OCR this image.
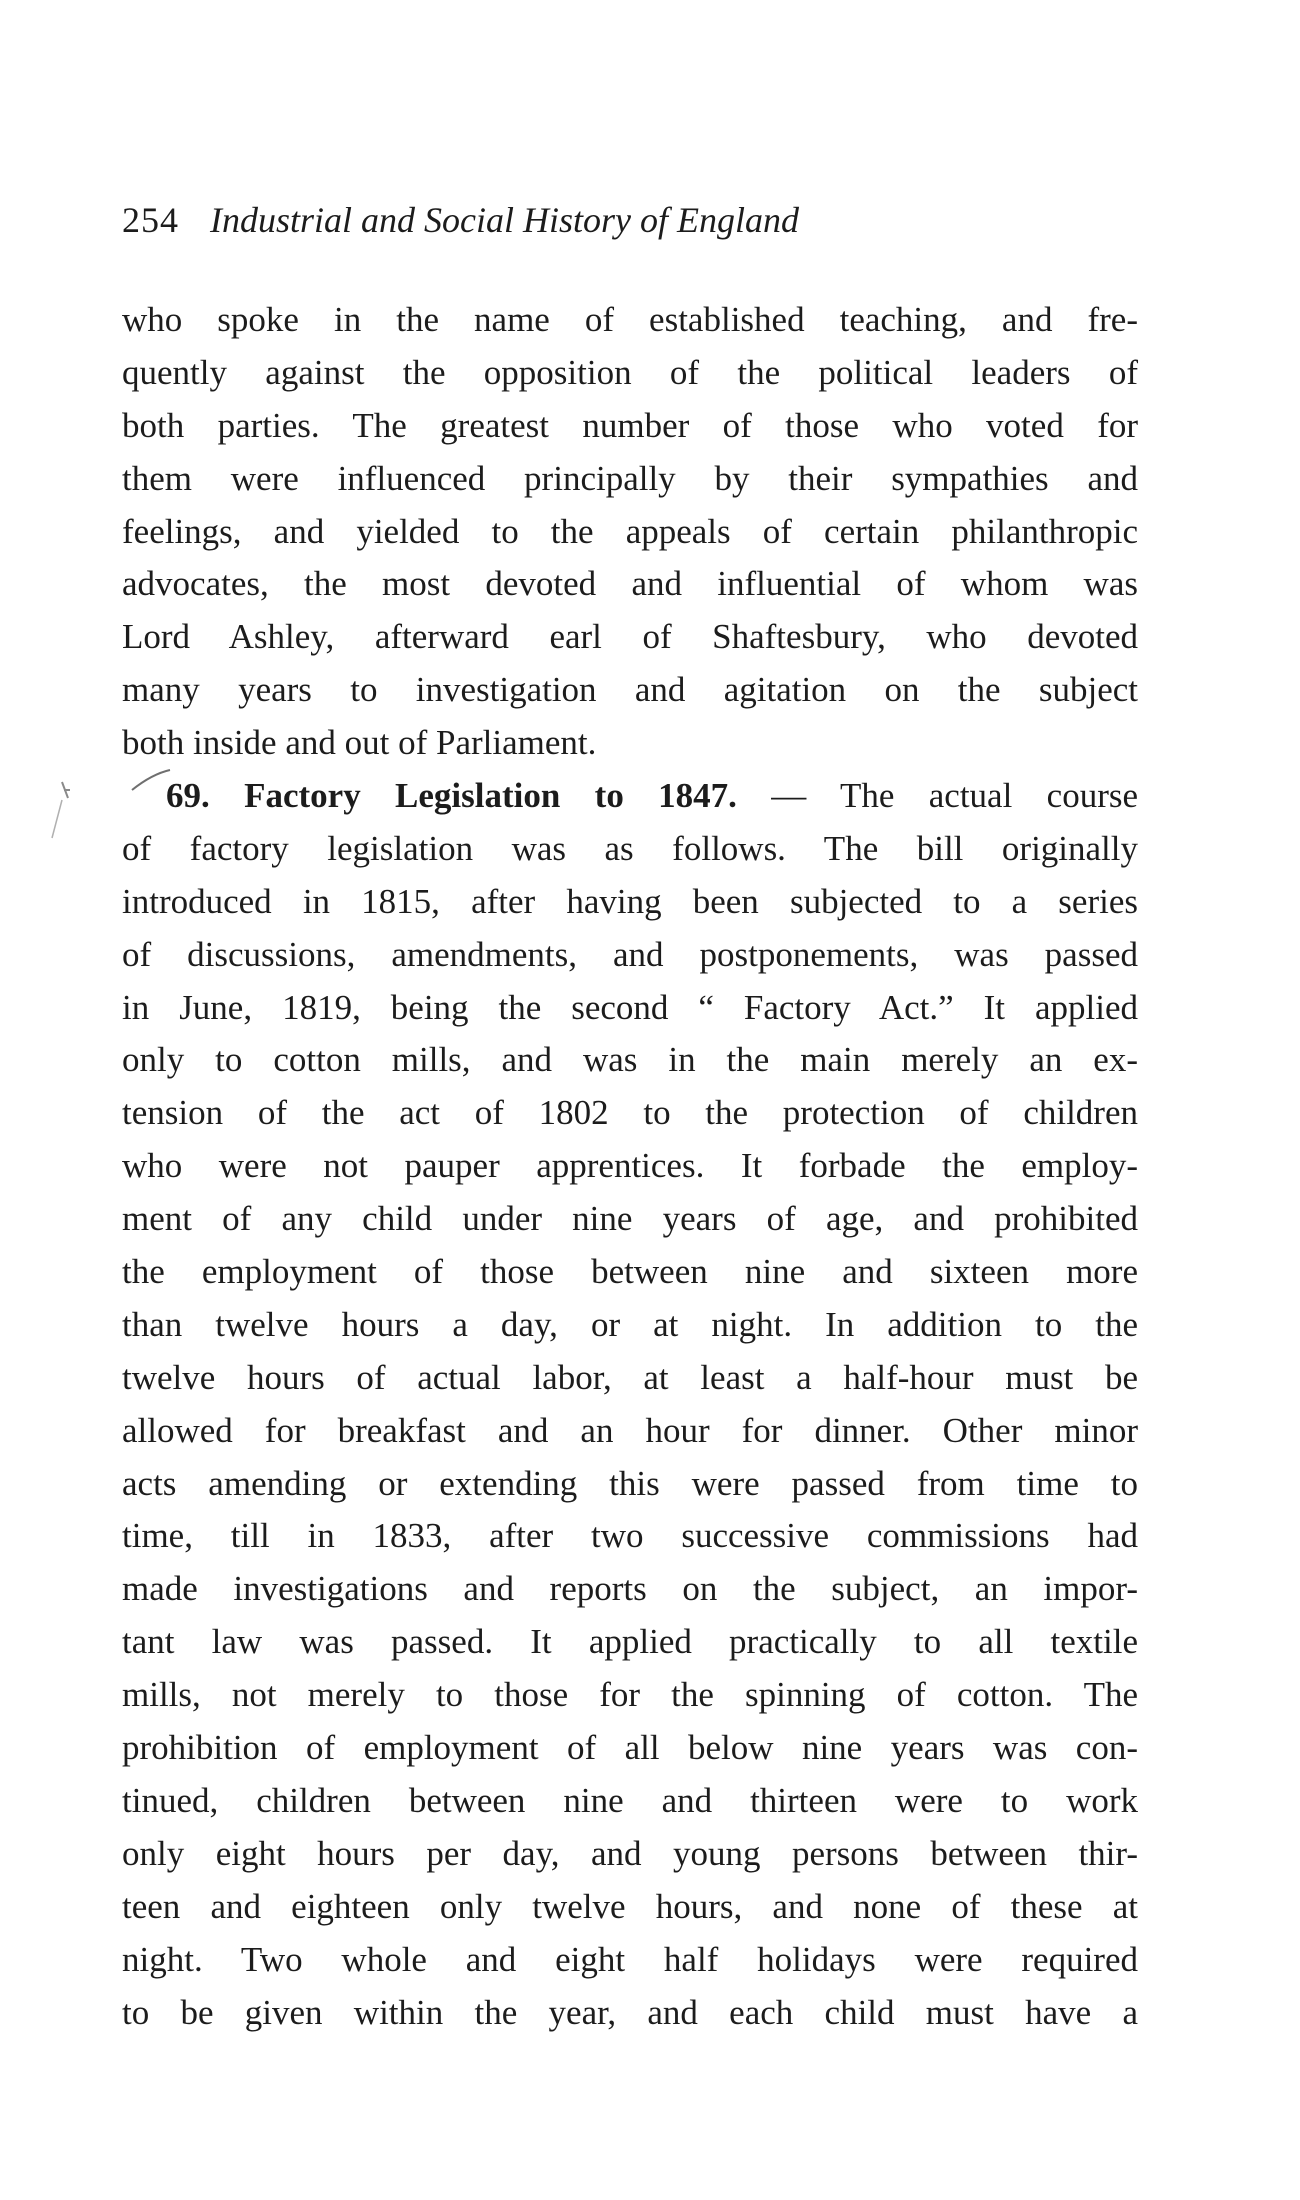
254 Industrial and Social History of England
who spoke in the name of established teaching, and fre-
quently against the opposition of the political leaders of
both parties. The greatest number of those who voted for
them were influenced principally by their sympathies and
feelings, and yielded to the appeals of certain philanthropic
advocates, the most devoted and influential of whom was
Lord Ashley, afterward earl of Shaftesbury, who devoted
many years to investigation and agitation on the subject
both inside and out of Parliament.
69. Factory Legislation to 1847. — The actual course
of factory legislation was as follows. The bill originally
introduced in 1815, after having been subjected to a series
of discussions, amendments, and postponements, was passed
in June, 1819, being the second “ Factory Act.” It applied
only to cotton mills, and was in the main merely an ex-
tension of the act of 1802 to the protection of children
who were not pauper apprentices. It forbade the employ-
ment of any child under nine years of age, and prohibited
the employment of those between nine and sixteen more
than twelve hours a day, or at night. In addition to the
twelve hours of actual labor, at least a half-hour must be
allowed for breakfast and an hour for dinner. Other minor
acts amending or extending this were passed from time to
time, till in 1833, after two successive commissions had
made investigations and reports on the subject, an impor-
tant law was passed. It applied practically to all textile
mills, not merely to those for the spinning of cotton. The
prohibition of employment of all below nine years was con-
tinued, children between nine and thirteen were to work
only eight hours per day, and young persons between thir-
teen and eighteen only twelve hours, and none of these at
night. Two whole and eight half holidays were required
to be given within the year, and each child must have a
